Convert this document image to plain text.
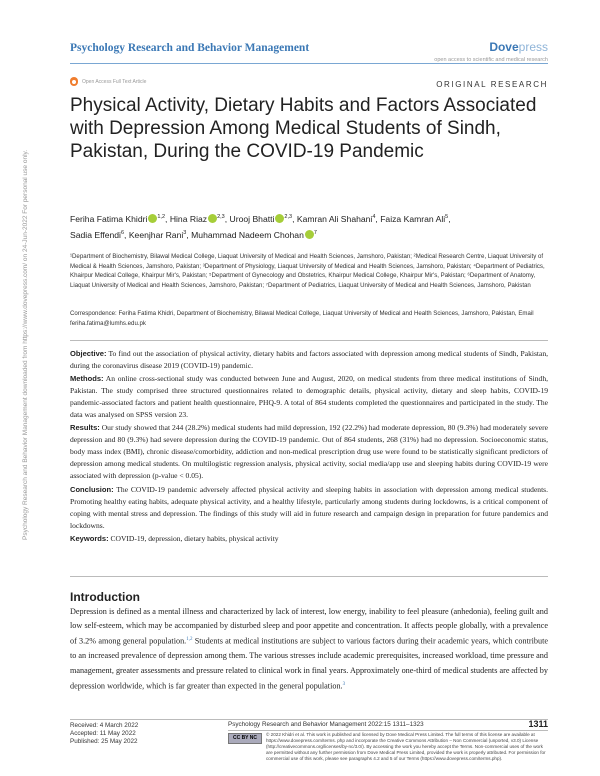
Psychology Research and Behavior Management downloaded from https://www.dovepress.com/ on 24-Jun-2022 For personal use only.
Psychology Research and Behavior Management	Dovepress
open access to scientific and medical research
Open Access Full Text Article	ORIGINAL RESEARCH
Physical Activity, Dietary Habits and Factors Associated with Depression Among Medical Students of Sindh, Pakistan, During the COVID-19 Pandemic
Feriha Fatima Khidri $^{1,2}$, Hina Riaz $^{2,3}$, Urooj Bhatti $^{2,3}$, Kamran Ali Shahani$^4$, Faiza Kamran Ali$^5$,
Sadia Effendi$^6$, Keenjhar Rani$^3$, Muhammad Nadeem Chohan $^7$
¹Department of Biochemistry, Bilawal Medical College, Liaquat University of Medical and Health Sciences, Jamshoro, Pakistan; ²Medical Research Centre, Liaquat University of Medical & Health Sciences, Jamshoro, Pakistan; ³Department of Physiology, Liaquat University of Medical and Health Sciences, Jamshoro, Pakistan; ⁴Department of Pediatrics, Khairpur Medical College, Khairpur Mir's, Pakistan; ⁵Department of Gynecology and Obstetrics, Khairpur Medical College, Khairpur Mir's, Pakistan; ⁶Department of Anatomy, Liaquat University of Medical and Health Sciences, Jamshoro, Pakistan; ⁷Department of Pediatrics, Liaquat University of Medical and Health Sciences, Jamshoro, Pakistan
Correspondence: Feriha Fatima Khidri, Department of Biochemistry, Bilawal Medical College, Liaquat University of Medical and Health Sciences, Jamshoro, Pakistan, Email feriha.fatima@lumhs.edu.pk

Objective: To find out the association of physical activity, dietary habits and factors associated with depression among medical students of Sindh, Pakistan, during the coronavirus disease 2019 (COVID-19) pandemic.

Methods: An online cross-sectional study was conducted between June and August, 2020, on medical students from three medical institutions of Sindh, Pakistan. The study comprised three structured questionnaires related to demographic details, physical activity, dietary and sleep habits, COVID-19 pandemic-associated factors and patient health questionnaire, PHQ-9. A total of 864 students completed the questionnaires and participated in the study. The data was analysed on SPSS version 23.

Results: Our study showed that 244 (28.2%) medical students had mild depression, 192 (22.2%) had moderate depression, 80 (9.3%) had moderately severe depression and 80 (9.3%) had severe depression during the COVID-19 pandemic. Out of 864 students, 268 (31%) had no depression. Socioeconomic status, body mass index (BMI), chronic disease/comorbidity, addiction and non-medical prescription drug use were found to be statistically significant predictors of depression among medical students. On multilogistic regression analysis, physical activity, social media/app use and sleeping habits during COVID-19 were associated with depression (p-value < 0.05).

Conclusion: The COVID-19 pandemic adversely affected physical activity and sleeping habits in association with depression among medical students. Promoting healthy eating habits, adequate physical activity, and a healthy lifestyle, particularly among students during lockdowns, is a critical component of coping with mental stress and depression. The findings of this study will aid in future research and campaign design in preparation for future pandemics and lockdowns.

Keywords: COVID-19, depression, dietary habits, physical activity

Introduction

Depression is defined as a mental illness and characterized by lack of interest, low energy, inability to feel pleasure (anhedonia), feeling guilt and low self-esteem, which may be accompanied by disturbed sleep and poor appetite and concentration. It affects people globally, with a prevalence of 3.2% among general population.$^{1,2}$ Students at medical institutions are subject to various factors during their academic years, which contribute to an increased prevalence of depression among them. The various stresses include academic prerequisites, increased workload, time pressure and management, greater assessments and pressure related to clinical work in final years. Approximately one-third of medical students are affected by depression worldwide, which is far greater than expected in the general population.$^3$

Received: 4 March 2022
Accepted: 11 May 2022
Published: 25 May 2022
Psychology Research and Behavior Management 2022:15 1311–1323	1311
CC BY NC
© 2022 Khidri et al. This work is published and licensed by Dove Medical Press Limited. The full terms of this license are available at https://www.dovepress.com/terms. php and incorporate the Creative Commons Attribution – Non Commercial (unported, v3.0) License (http://creativecommons.org/licenses/by-nc/3.0/). By accessing the work you hereby accept the Terms. Non-commercial uses of the work are permitted without any further permission from Dove Medical Press Limited, provided the work is properly attributed. For permission for commercial use of this work, please see paragraphs 4.2 and 5 of our Terms (https://www.dovepress.com/terms.php).
